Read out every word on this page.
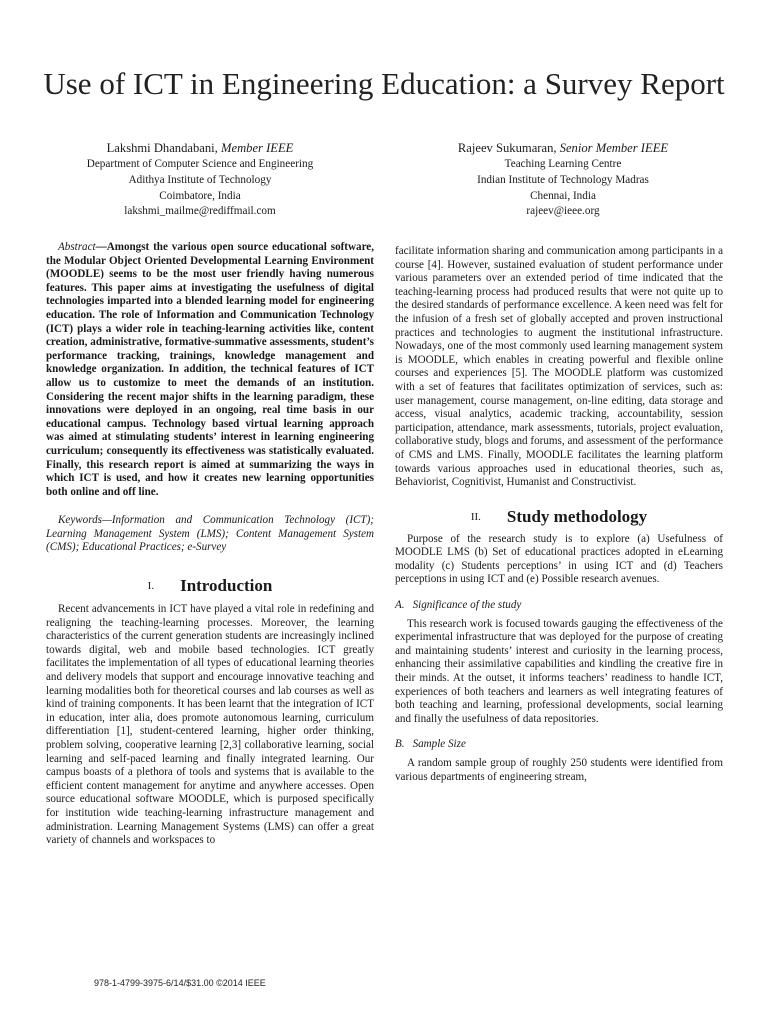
Use of ICT in Engineering Education: a Survey Report
Lakshmi Dhandabani, Member IEEE
Department of Computer Science and Engineering
Adithya Institute of Technology
Coimbatore, India
lakshmi_mailme@rediffmail.com
Rajeev Sukumaran, Senior Member IEEE
Teaching Learning Centre
Indian Institute of Technology Madras
Chennai, India
rajeev@ieee.org

Abstract—Amongst the various open source educational software, the Modular Object Oriented Developmental Learning Environment (MOODLE) seems to be the most user friendly having numerous features. This paper aims at investigating the usefulness of digital technologies imparted into a blended learning model for engineering education. The role of Information and Communication Technology (ICT) plays a wider role in teaching-learning activities like, content creation, administrative, formative-summative assessments, student’s performance tracking, trainings, knowledge management and knowledge organization. In addition, the technical features of ICT allow us to customize to meet the demands of an institution. Considering the recent major shifts in the learning paradigm, these innovations were deployed in an ongoing, real time basis in our educational campus. Technology based virtual learning approach was aimed at stimulating students’ interest in learning engineering curriculum; consequently its effectiveness was statistically evaluated. Finally, this research report is aimed at summarizing the ways in which ICT is used, and how it creates new learning opportunities both online and off line.

Keywords—Information and Communication Technology (ICT); Learning Management System (LMS); Content Management System (CMS); Educational Practices; e-Survey

I. Introduction

Recent advancements in ICT have played a vital role in redefining and realigning the teaching-learning processes. Moreover, the learning characteristics of the current generation students are increasingly inclined towards digital, web and mobile based technologies. ICT greatly facilitates the implementation of all types of educational learning theories and delivery models that support and encourage innovative teaching and learning modalities both for theoretical courses and lab courses as well as kind of training components. It has been learnt that the integration of ICT in education, inter alia, does promote autonomous learning, curriculum differentiation [1], student-centered learning, higher order thinking, problem solving, cooperative learning [2,3] collaborative learning, social learning and self-paced learning and finally integrated learning. Our campus boasts of a plethora of tools and systems that is available to the efficient content management for anytime and anywhere accesses. Open source educational software MOODLE, which is purposed specifically for institution wide teaching-learning infrastructure management and administration. Learning Management Systems (LMS) can offer a great variety of channels and workspaces to

facilitate information sharing and communication among participants in a course [4]. However, sustained evaluation of student performance under various parameters over an extended period of time indicated that the teaching-learning process had produced results that were not quite up to the desired standards of performance excellence. A keen need was felt for the infusion of a fresh set of globally accepted and proven instructional practices and technologies to augment the institutional infrastructure. Nowadays, one of the most commonly used learning management system is MOODLE, which enables in creating powerful and flexible online courses and experiences [5]. The MOODLE platform was customized with a set of features that facilitates optimization of services, such as: user management, course management, on-line editing, data storage and access, visual analytics, academic tracking, accountability, session participation, attendance, mark assessments, tutorials, project evaluation, collaborative study, blogs and forums, and assessment of the performance of CMS and LMS. Finally, MOODLE facilitates the learning platform towards various approaches used in educational theories, such as, Behaviorist, Cognitivist, Humanist and Constructivist.

II. Study methodology

Purpose of the research study is to explore (a) Usefulness of MOODLE LMS (b) Set of educational practices adopted in eLearning modality (c) Students perceptions’ in using ICT and (d) Teachers perceptions in using ICT and (e) Possible research avenues.

A. Significance of the study

This research work is focused towards gauging the effectiveness of the experimental infrastructure that was deployed for the purpose of creating and maintaining students’ interest and curiosity in the learning process, enhancing their assimilative capabilities and kindling the creative fire in their minds. At the outset, it informs teachers’ readiness to handle ICT, experiences of both teachers and learners as well integrating features of both teaching and learning, professional developments, social learning and finally the usefulness of data repositories.

B. Sample Size

A random sample group of roughly 250 students were identified from various departments of engineering stream,

978-1-4799-3975-6/14/$31.00 ©2014 IEEE
